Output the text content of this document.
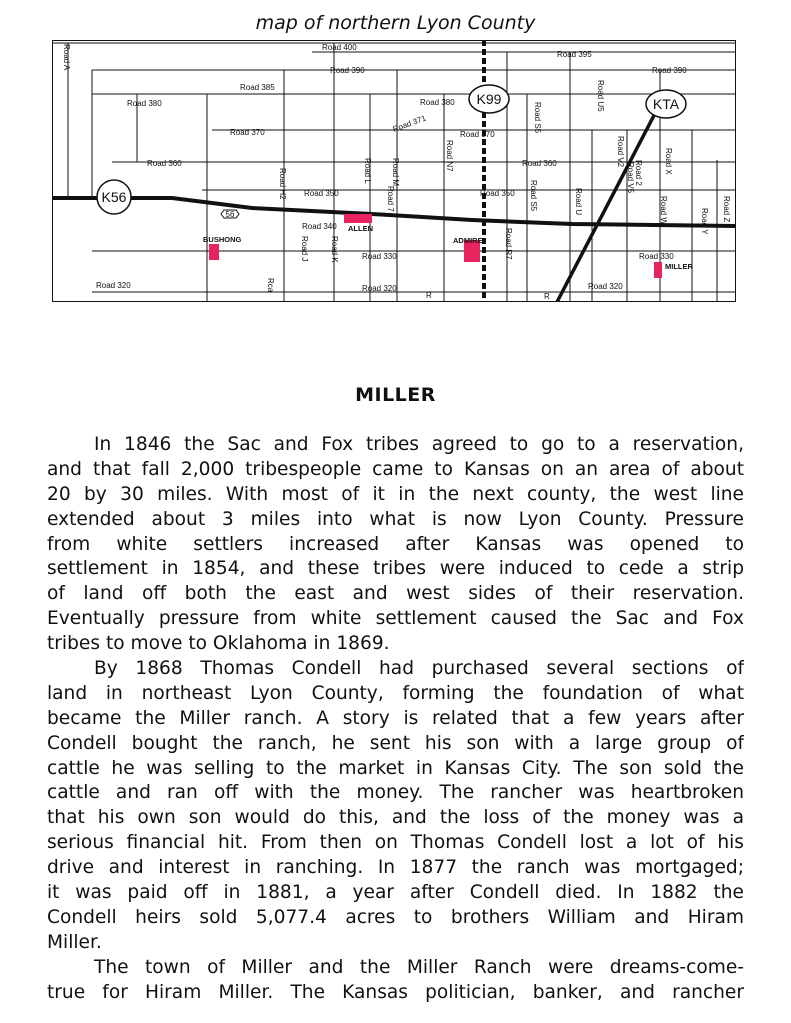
map of northern Lyon County
K56
K99	KTA
56
Road 400
Road 395
Road 390	Road 390
Road 385
Road 380	Road 380
Road 371
Road 370	Road 370
Road 360	Road 360
Road 350	Road 350
Road 340
Road 330	Road 330
Road 320	Road 320	Road 320
Road A
Road H2
Road J	Road K
Road L Road M
Road N7
Road R7
Road S5
Road S5	Road U
Road U5
Road V5
Road V2	Road X
Road W	Road Y Road Z
Road 2
Road 7
Rca
R	R
BUSHONG
ALLEN
ADMIRE
MILLER
MILLER
In 1846 the Sac and Fox tribes agreed to go to a reservation,
and that fall 2,000 tribespeople came to Kansas on an area of about
20 by 30 miles. With most of it in the next county, the west line
extended about 3 miles into what is now Lyon County. Pressure
from white settlers increased after Kansas was opened to
settlement in 1854, and these tribes were induced to cede a strip
of land off both the east and west sides of their reservation.
Eventually pressure from white settlement caused the Sac and Fox
tribes to move to Oklahoma in 1869.
By 1868 Thomas Condell had purchased several sections of
land in northeast Lyon County, forming the foundation of what
became the Miller ranch. A story is related that a few years after
Condell bought the ranch, he sent his son with a large group of
cattle he was selling to the market in Kansas City. The son sold the
cattle and ran off with the money. The rancher was heartbroken
that his own son would do this, and the loss of the money was a
serious financial hit. From then on Thomas Condell lost a lot of his
drive and interest in ranching. In 1877 the ranch was mortgaged;
it was paid off in 1881, a year after Condell died. In 1882 the
Condell heirs sold 5,077.4 acres to brothers William and Hiram
Miller.
The town of Miller and the Miller Ranch were dreams-come-
true for Hiram Miller. The Kansas politician, banker, and rancher
